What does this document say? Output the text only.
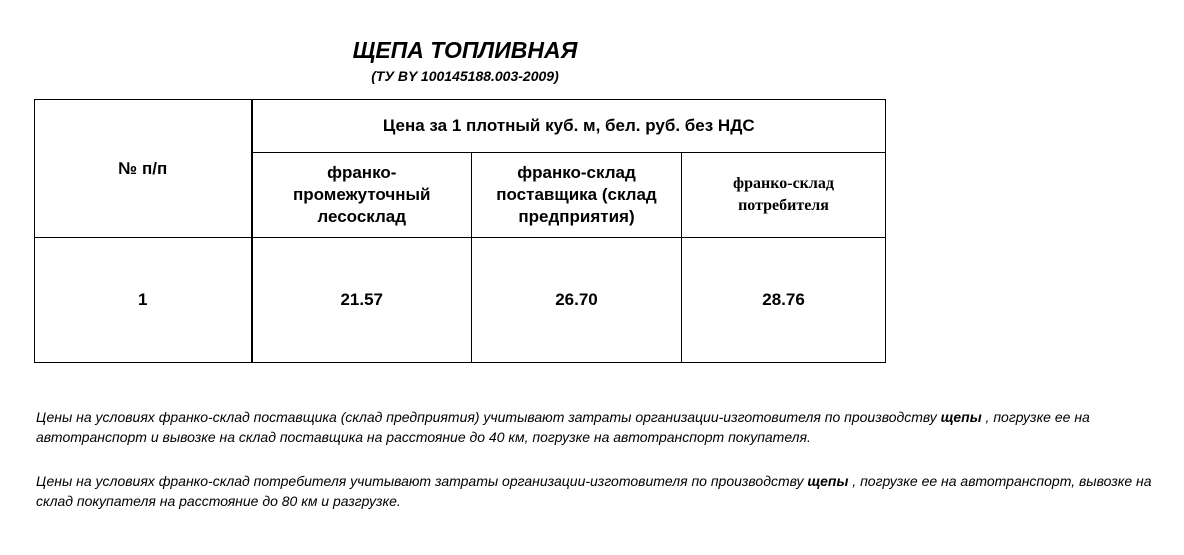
ЩЕПА ТОПЛИВНАЯ
(ТУ BY 100145188.003-2009)
№ п/п	Цена за 1 плотный куб. м, бел. руб. без НДС		
	франко-промежуточный лесосклад	франко-склад поставщика (склад предприятия)	франко-склад потребителя
1	21.57	26.70	28.76
Цены на условиях франко-склад поставщика (склад предприятия) учитывают затраты организации-изготовителя по производству щепы , погрузке ее на автотранспорт и вывозке на склад поставщика на расстояние до 40 км, погрузке на автотранспорт покупателя.
Цены на условиях франко-склад потребителя учитывают затраты организации-изготовителя по производству щепы , погрузке ее на автотранспорт, вывозке на склад покупателя на расстояние до 80 км и разгрузке.
